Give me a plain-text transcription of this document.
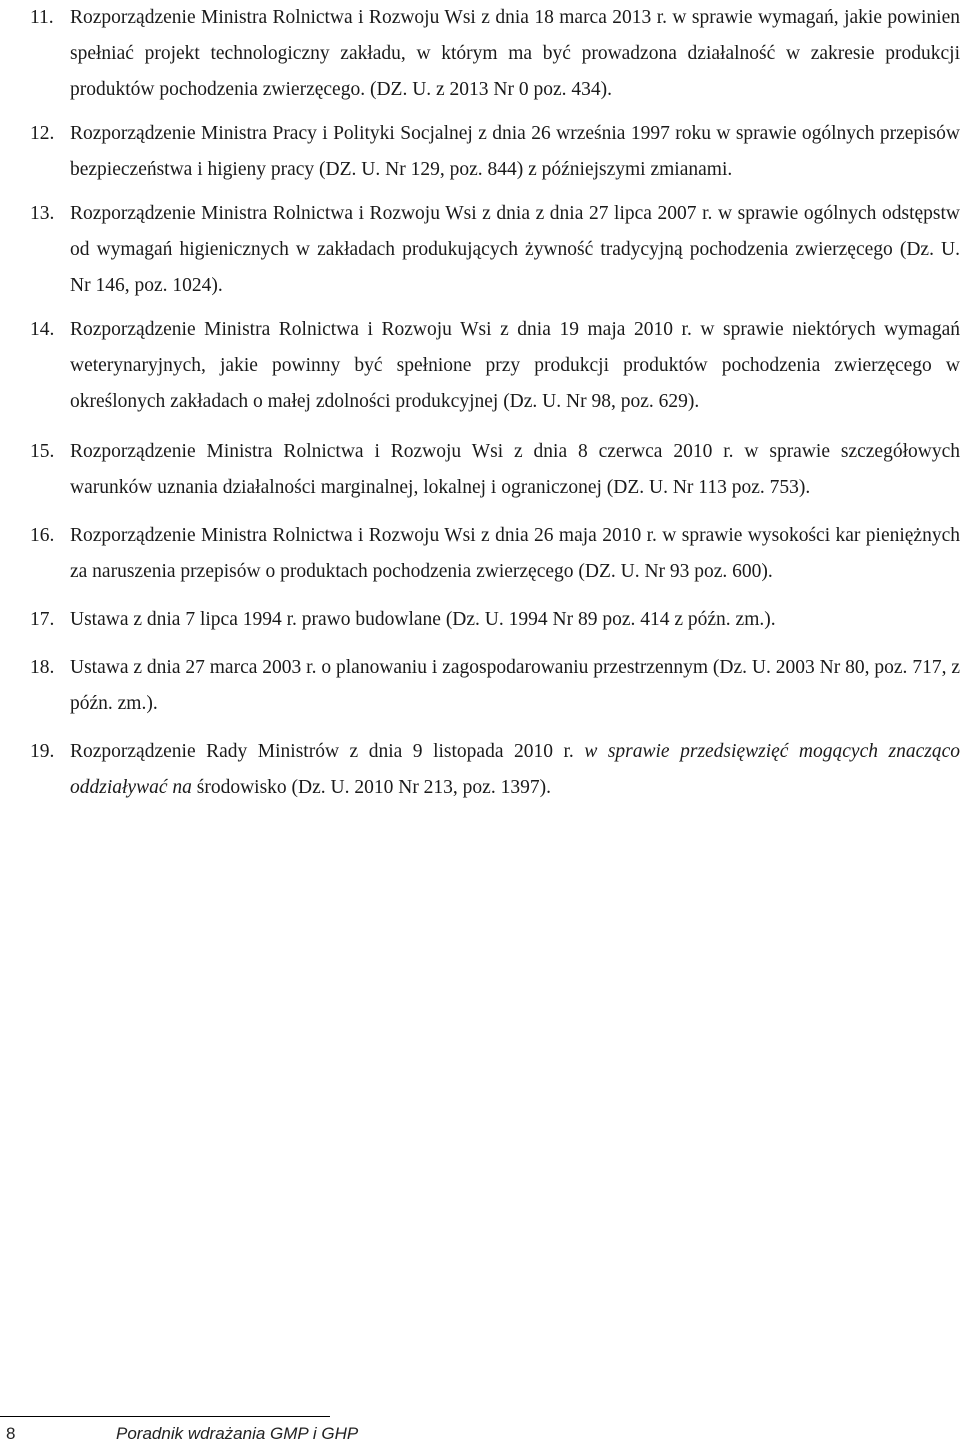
11. Rozporządzenie Ministra Rolnictwa i Rozwoju Wsi z dnia 18 marca 2013 r. w sprawie wymagań, jakie powinien spełniać projekt technologiczny zakładu, w którym ma być prowadzona działalność w zakresie produkcji produktów pochodzenia zwierzęcego. (DZ. U. z 2013 Nr 0 poz. 434).
12. Rozporządzenie Ministra Pracy i Polityki Socjalnej z dnia 26 września 1997 roku w sprawie ogólnych przepisów bezpieczeństwa i higieny pracy (DZ. U. Nr 129, poz. 844) z późniejszymi zmianami.
13. Rozporządzenie Ministra Rolnictwa i Rozwoju Wsi z dnia z dnia 27 lipca 2007 r. w sprawie ogólnych odstępstw od wymagań higienicznych w zakładach produkujących żywność tradycyjną pochodzenia zwierzęcego (Dz. U. Nr 146, poz. 1024).
14. Rozporządzenie Ministra Rolnictwa i Rozwoju Wsi z dnia 19 maja 2010 r. w sprawie niektórych wymagań weterynaryjnych, jakie powinny być spełnione przy produkcji produktów pochodzenia zwierzęcego w określonych zakładach o małej zdolności produkcyjnej (Dz. U. Nr 98, poz. 629).
15. Rozporządzenie Ministra Rolnictwa i Rozwoju Wsi z dnia 8 czerwca 2010 r. w sprawie szczegółowych warunków uznania działalności marginalnej, lokalnej i ograniczonej (DZ. U. Nr 113 poz. 753).
16. Rozporządzenie Ministra Rolnictwa i Rozwoju Wsi z dnia 26 maja 2010 r. w sprawie wysokości kar pieniężnych za naruszenia przepisów o produktach pochodzenia zwierzęcego (DZ. U. Nr 93 poz. 600).
17. Ustawa z dnia 7 lipca 1994 r. prawo budowlane (Dz. U. 1994 Nr 89 poz. 414 z późn. zm.).
18. Ustawa z dnia 27 marca 2003 r. o planowaniu i zagospodarowaniu przestrzennym (Dz. U. 2003 Nr 80, poz. 717, z późn. zm.).
19. Rozporządzenie Rady Ministrów z dnia 9 listopada 2010 r. w sprawie przedsięwzięć mogących znacząco oddziaływać na środowisko (Dz. U. 2010 Nr 213, poz. 1397).
8	Poradnik wdrażania GMP i GHP
